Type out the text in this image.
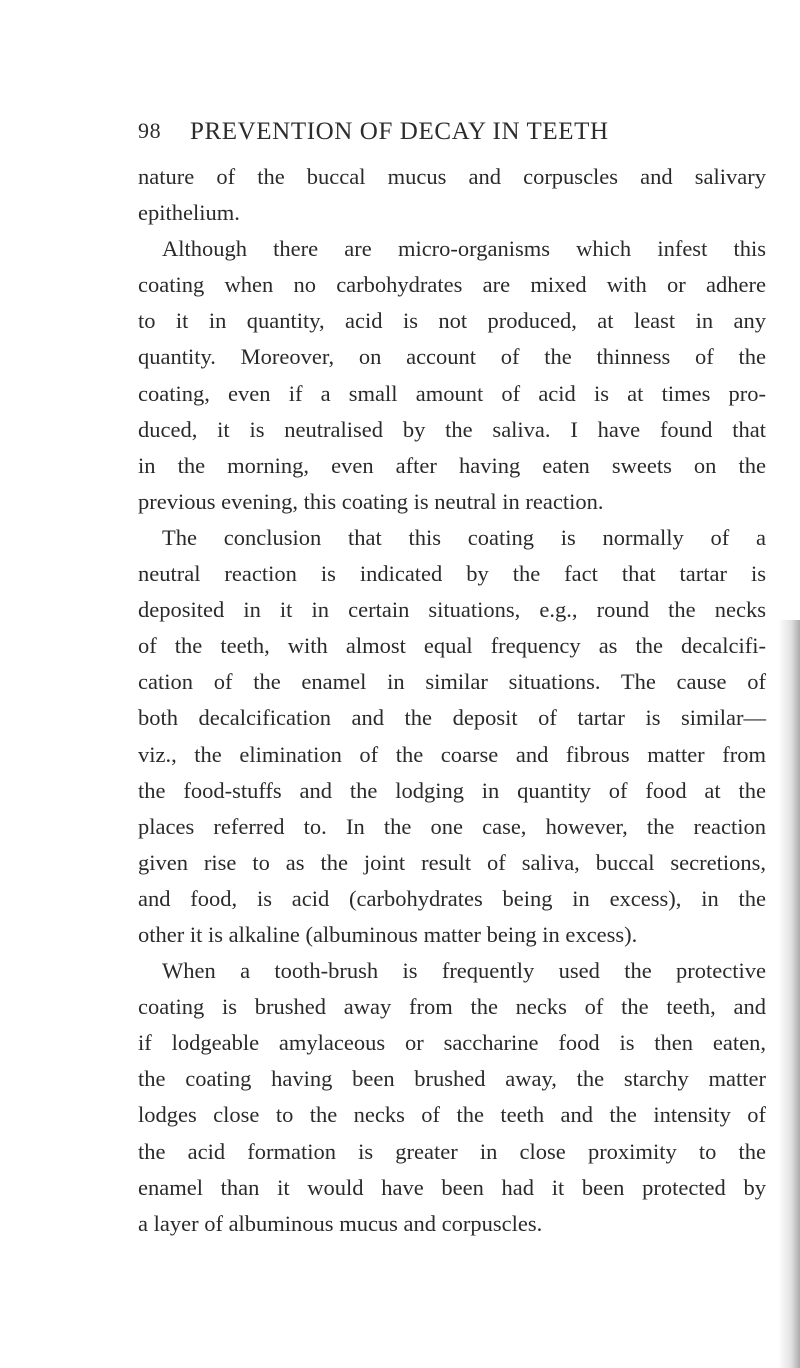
98 PREVENTION OF DECAY IN TEETH
nature of the buccal mucus and corpuscles and salivary
epithelium.
Although there are micro-organisms which infest this
coating when no carbohydrates are mixed with or adhere
to it in quantity, acid is not produced, at least in any
quantity. Moreover, on account of the thinness of the
coating, even if a small amount of acid is at times pro-
duced, it is neutralised by the saliva. I have found that
in the morning, even after having eaten sweets on the
previous evening, this coating is neutral in reaction.
The conclusion that this coating is normally of a
neutral reaction is indicated by the fact that tartar is
deposited in it in certain situations, e.g., round the necks
of the teeth, with almost equal frequency as the decalcifi-
cation of the enamel in similar situations. The cause of
both decalcification and the deposit of tartar is similar—
viz., the elimination of the coarse and fibrous matter from
the food-stuffs and the lodging in quantity of food at the
places referred to. In the one case, however, the reaction
given rise to as the joint result of saliva, buccal secretions,
and food, is acid (carbohydrates being in excess), in the
other it is alkaline (albuminous matter being in excess).
When a tooth-brush is frequently used the protective
coating is brushed away from the necks of the teeth, and
if lodgeable amylaceous or saccharine food is then eaten,
the coating having been brushed away, the starchy matter
lodges close to the necks of the teeth and the intensity of
the acid formation is greater in close proximity to the
enamel than it would have been had it been protected by
a layer of albuminous mucus and corpuscles.
